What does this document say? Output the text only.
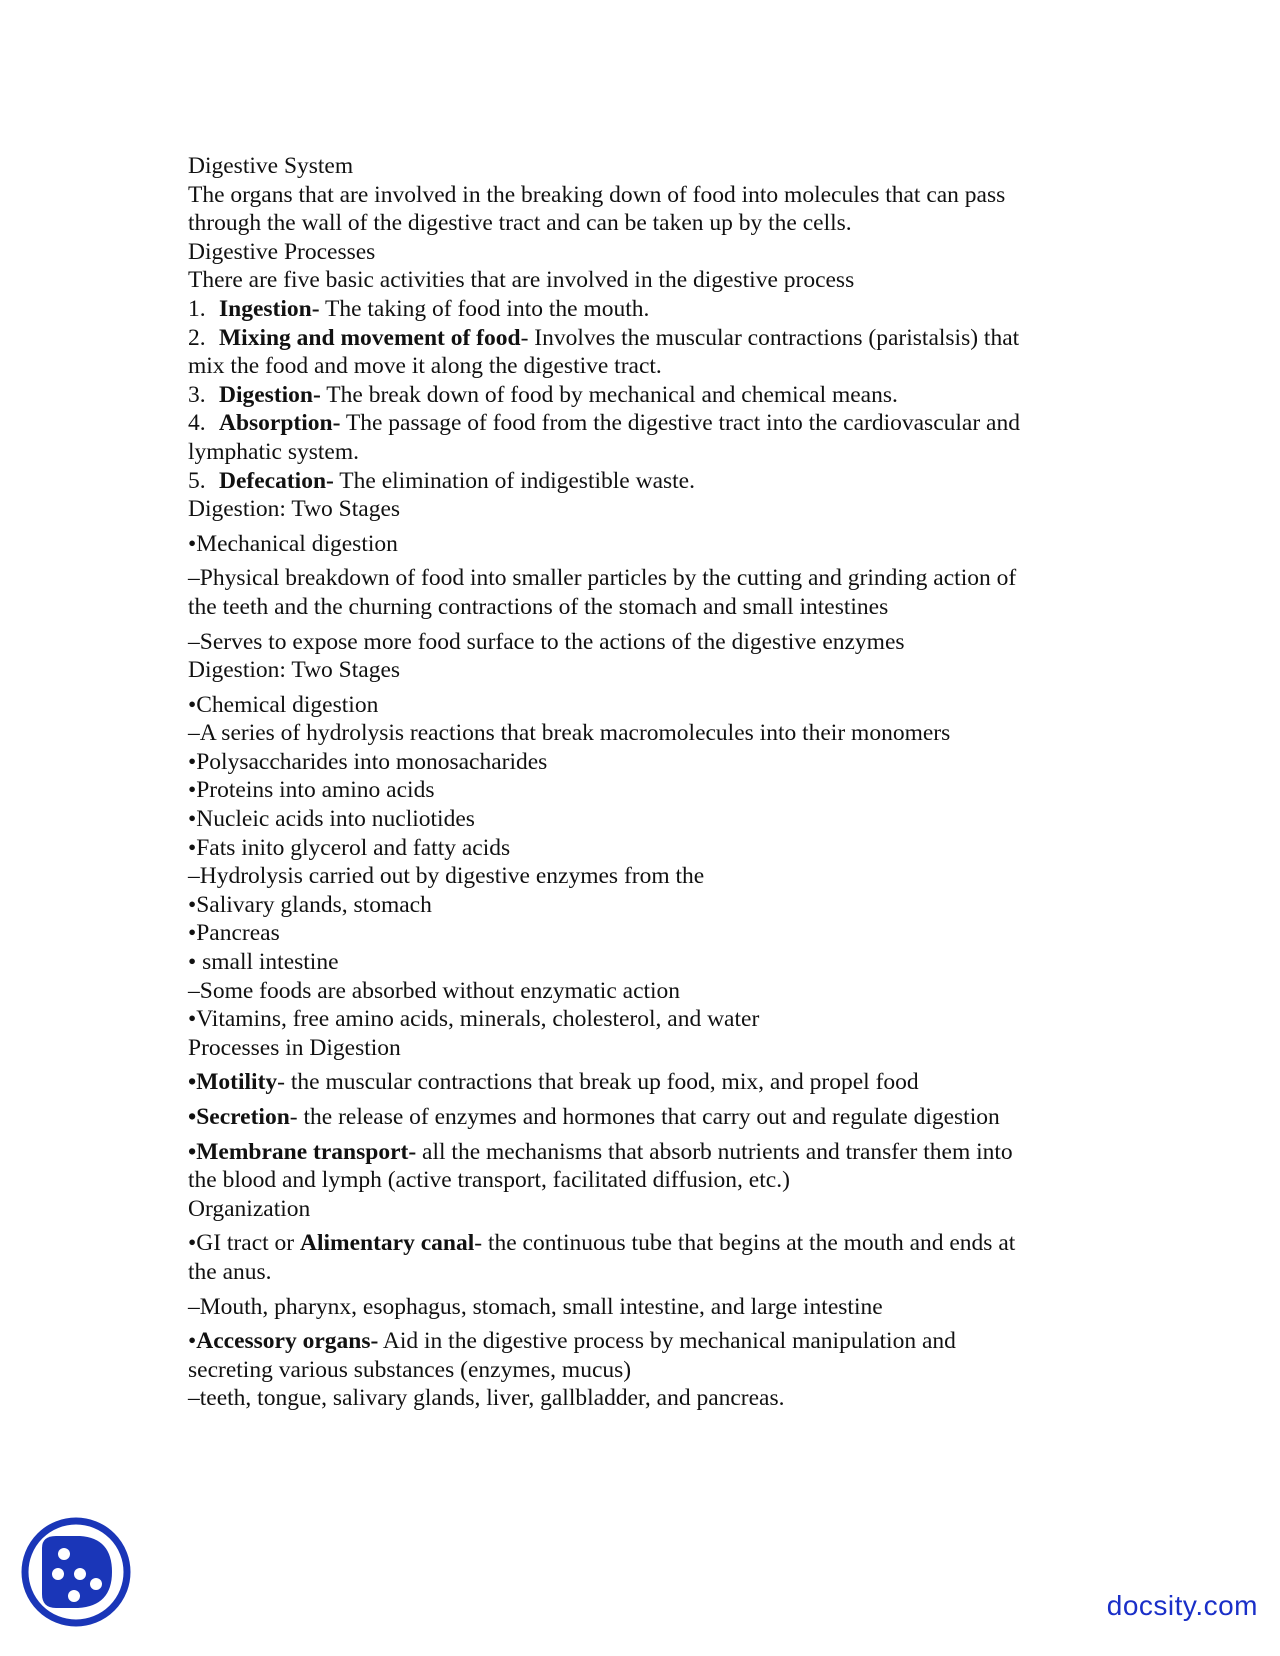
Digestive System
The organs that are involved in the breaking down of food into molecules that can pass
through the wall of the digestive tract and can be taken up by the cells.
Digestive Processes
There are five basic activities that are involved in the digestive process
1. Ingestion- The taking of food into the mouth.
2. Mixing and movement of food- Involves the muscular contractions (paristalsis) that
mix the food and move it along the digestive tract.
3. Digestion- The break down of food by mechanical and chemical means.
4. Absorption- The passage of food from the digestive tract into the cardiovascular and
lymphatic system.
5. Defecation- The elimination of indigestible waste.
Digestion: Two Stages
•Mechanical digestion
–Physical breakdown of food into smaller particles by the cutting and grinding action of
the teeth and the churning contractions of the stomach and small intestines
–Serves to expose more food surface to the actions of the digestive enzymes
Digestion: Two Stages
•Chemical digestion
–A series of hydrolysis reactions that break macromolecules into their monomers
•Polysaccharides into monosacharides
•Proteins into amino acids
•Nucleic acids into nucliotides
•Fats inito glycerol and fatty acids
–Hydrolysis carried out by digestive enzymes from the
•Salivary glands, stomach
•Pancreas
• small intestine
–Some foods are absorbed without enzymatic action
•Vitamins, free amino acids, minerals, cholesterol, and water
Processes in Digestion
•Motility- the muscular contractions that break up food, mix, and propel food
•Secretion- the release of enzymes and hormones that carry out and regulate digestion
•Membrane transport- all the mechanisms that absorb nutrients and transfer them into
the blood and lymph (active transport, facilitated diffusion, etc.)
Organization
•GI tract or Alimentary canal- the continuous tube that begins at the mouth and ends at
the anus.
–Mouth, pharynx, esophagus, stomach, small intestine, and large intestine
•Accessory organs- Aid in the digestive process by mechanical manipulation and
secreting various substances (enzymes, mucus)
–teeth, tongue, salivary glands, liver, gallbladder, and pancreas.
docsity.com
